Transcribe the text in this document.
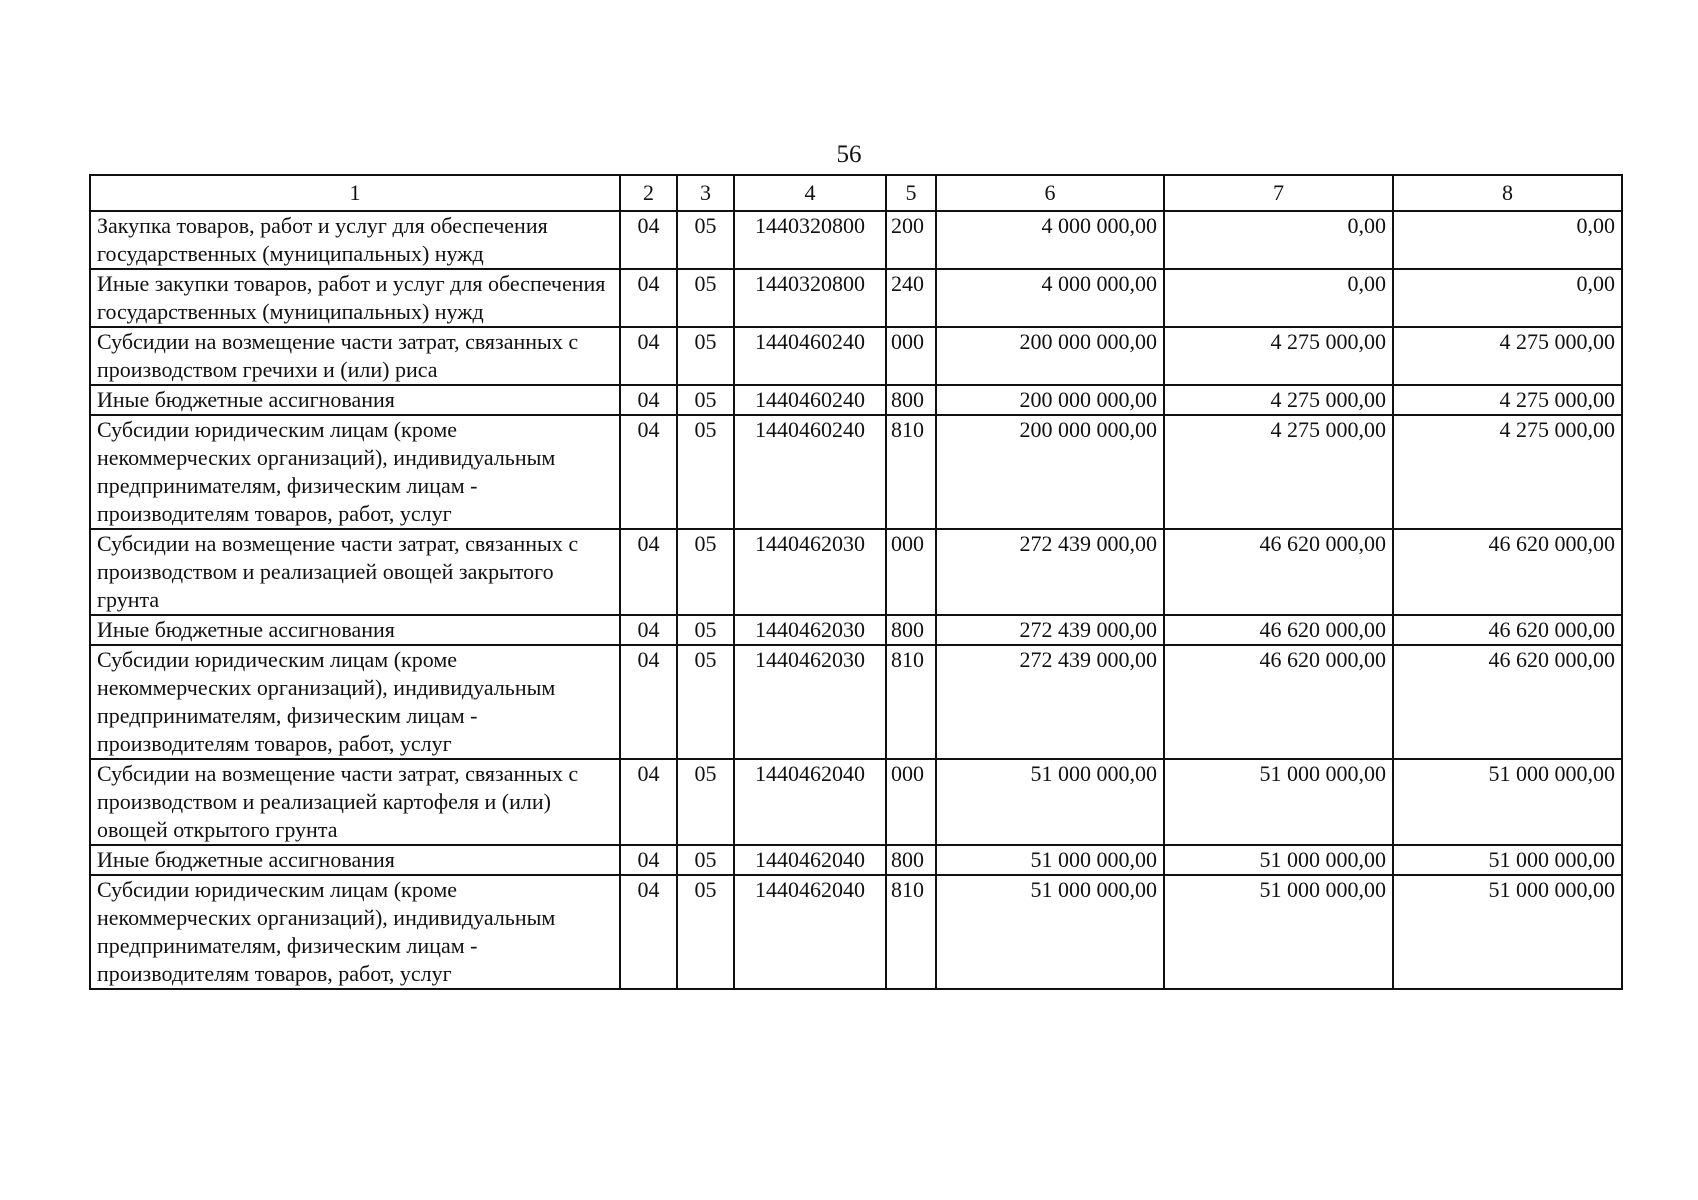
56
1	2	3	4	5	6	7	8
Закупка товаров, работ и услуг для обеспечения государственных (муниципальных) нужд	04	05	1440320800	200	4 000 000,00	0,00	0,00
Иные закупки товаров, работ и услуг для обеспечения государственных (муниципальных) нужд	04	05	1440320800	240	4 000 000,00	0,00	0,00
Субсидии на возмещение части затрат, связанных с производством гречихи и (или) риса	04	05	1440460240	000	200 000 000,00	4 275 000,00	4 275 000,00
Иные бюджетные ассигнования	04	05	1440460240	800	200 000 000,00	4 275 000,00	4 275 000,00
Субсидии юридическим лицам (кроме некоммерческих организаций), индивидуальным предпринимателям, физическим лицам - производителям товаров, работ, услуг	04	05	1440460240	810	200 000 000,00	4 275 000,00	4 275 000,00
Субсидии на возмещение части затрат, связанных с производством и реализацией овощей закрытого грунта	04	05	1440462030	000	272 439 000,00	46 620 000,00	46 620 000,00
Иные бюджетные ассигнования	04	05	1440462030	800	272 439 000,00	46 620 000,00	46 620 000,00
Субсидии юридическим лицам (кроме некоммерческих организаций), индивидуальным предпринимателям, физическим лицам - производителям товаров, работ, услуг	04	05	1440462030	810	272 439 000,00	46 620 000,00	46 620 000,00
Субсидии на возмещение части затрат, связанных с производством и реализацией картофеля и (или) овощей открытого грунта	04	05	1440462040	000	51 000 000,00	51 000 000,00	51 000 000,00
Иные бюджетные ассигнования	04	05	1440462040	800	51 000 000,00	51 000 000,00	51 000 000,00
Субсидии юридическим лицам (кроме некоммерческих организаций), индивидуальным предпринимателям, физическим лицам - производителям товаров, работ, услуг	04	05	1440462040	810	51 000 000,00	51 000 000,00	51 000 000,00
